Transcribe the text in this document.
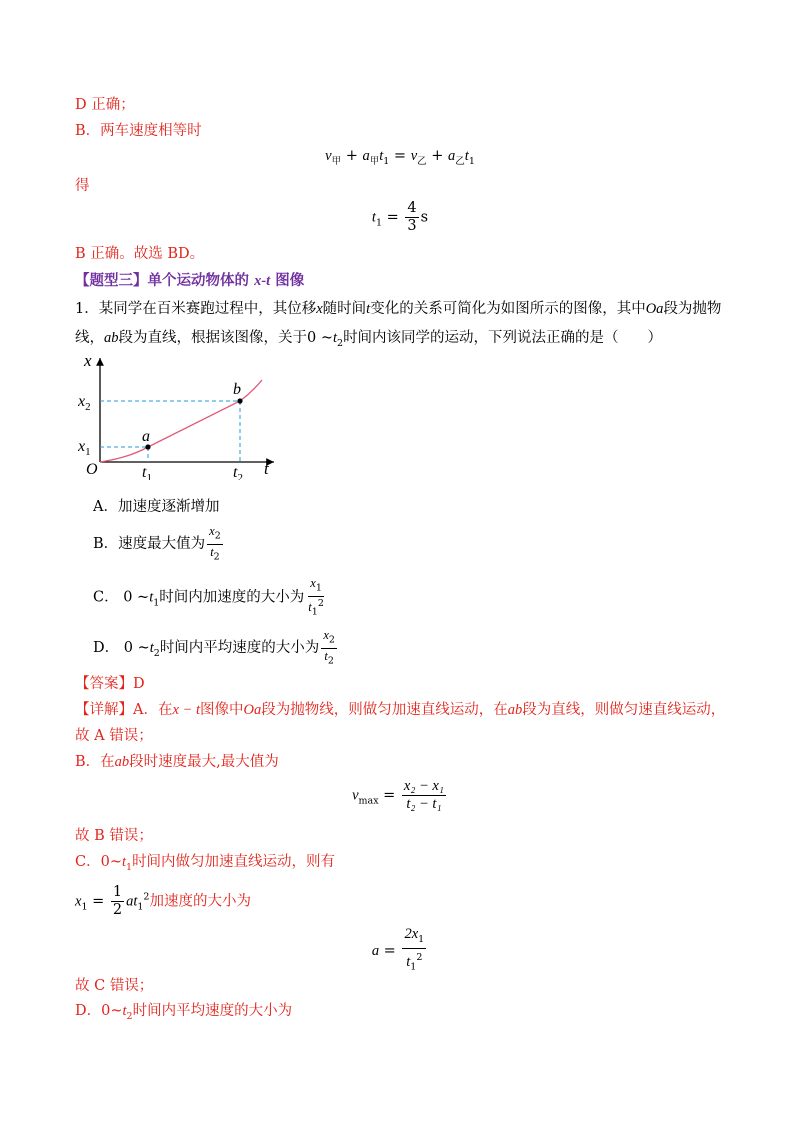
D 正确；
B．两车速度相等时
$v_甲 + a_甲t_1 = v_乙 + a_乙t_1$
得
$t_1 = \frac{4}{3}$ s
B 正确。故选 BD。
【题型三】单个运动物体的 x-t 图像
1．某同学在百米赛跑过程中，其位移x随时间t变化的关系可简化为如图所示的图像，其中Oa段为抛物
线，ab段为直线，根据该图像，关于0 $\sim t_2$时间内该同学的运动，下列说法正确的是（　　）
x
t
O
$x_2$
$x_1$
$t_1$	$t_2$
a
b
A．加速度逐渐增加
B．速度最大值为 $\frac{x_2}{t_2}$
C． 0 $\sim t_1$时间内加速度的大小为 $\frac{x_1}{t_1^2}$
D． 0 $\sim t_2$时间内平均速度的大小为 $\frac{x_2}{t_2}$
【答案】D
【详解】A．在x − t图像中Oa段为抛物线，则做匀加速直线运动，在ab段为直线，则做匀速直线运动，
故 A 错误；
B．在ab段时速度最大,最大值为
$v_{max} = \frac{\text{x₂ − x₁}}{\text{t₂ − t₁}}$
故 B 错误；
C．$0\sim t_1$时间内做匀加速直线运动，则有
$x_1 = \frac{1}{2} at_1^2$加速度的大小为
$a = \frac{2x_1}{t_1^2}$
故 C 错误；
D．$0\sim t_2$时间内平均速度的大小为
